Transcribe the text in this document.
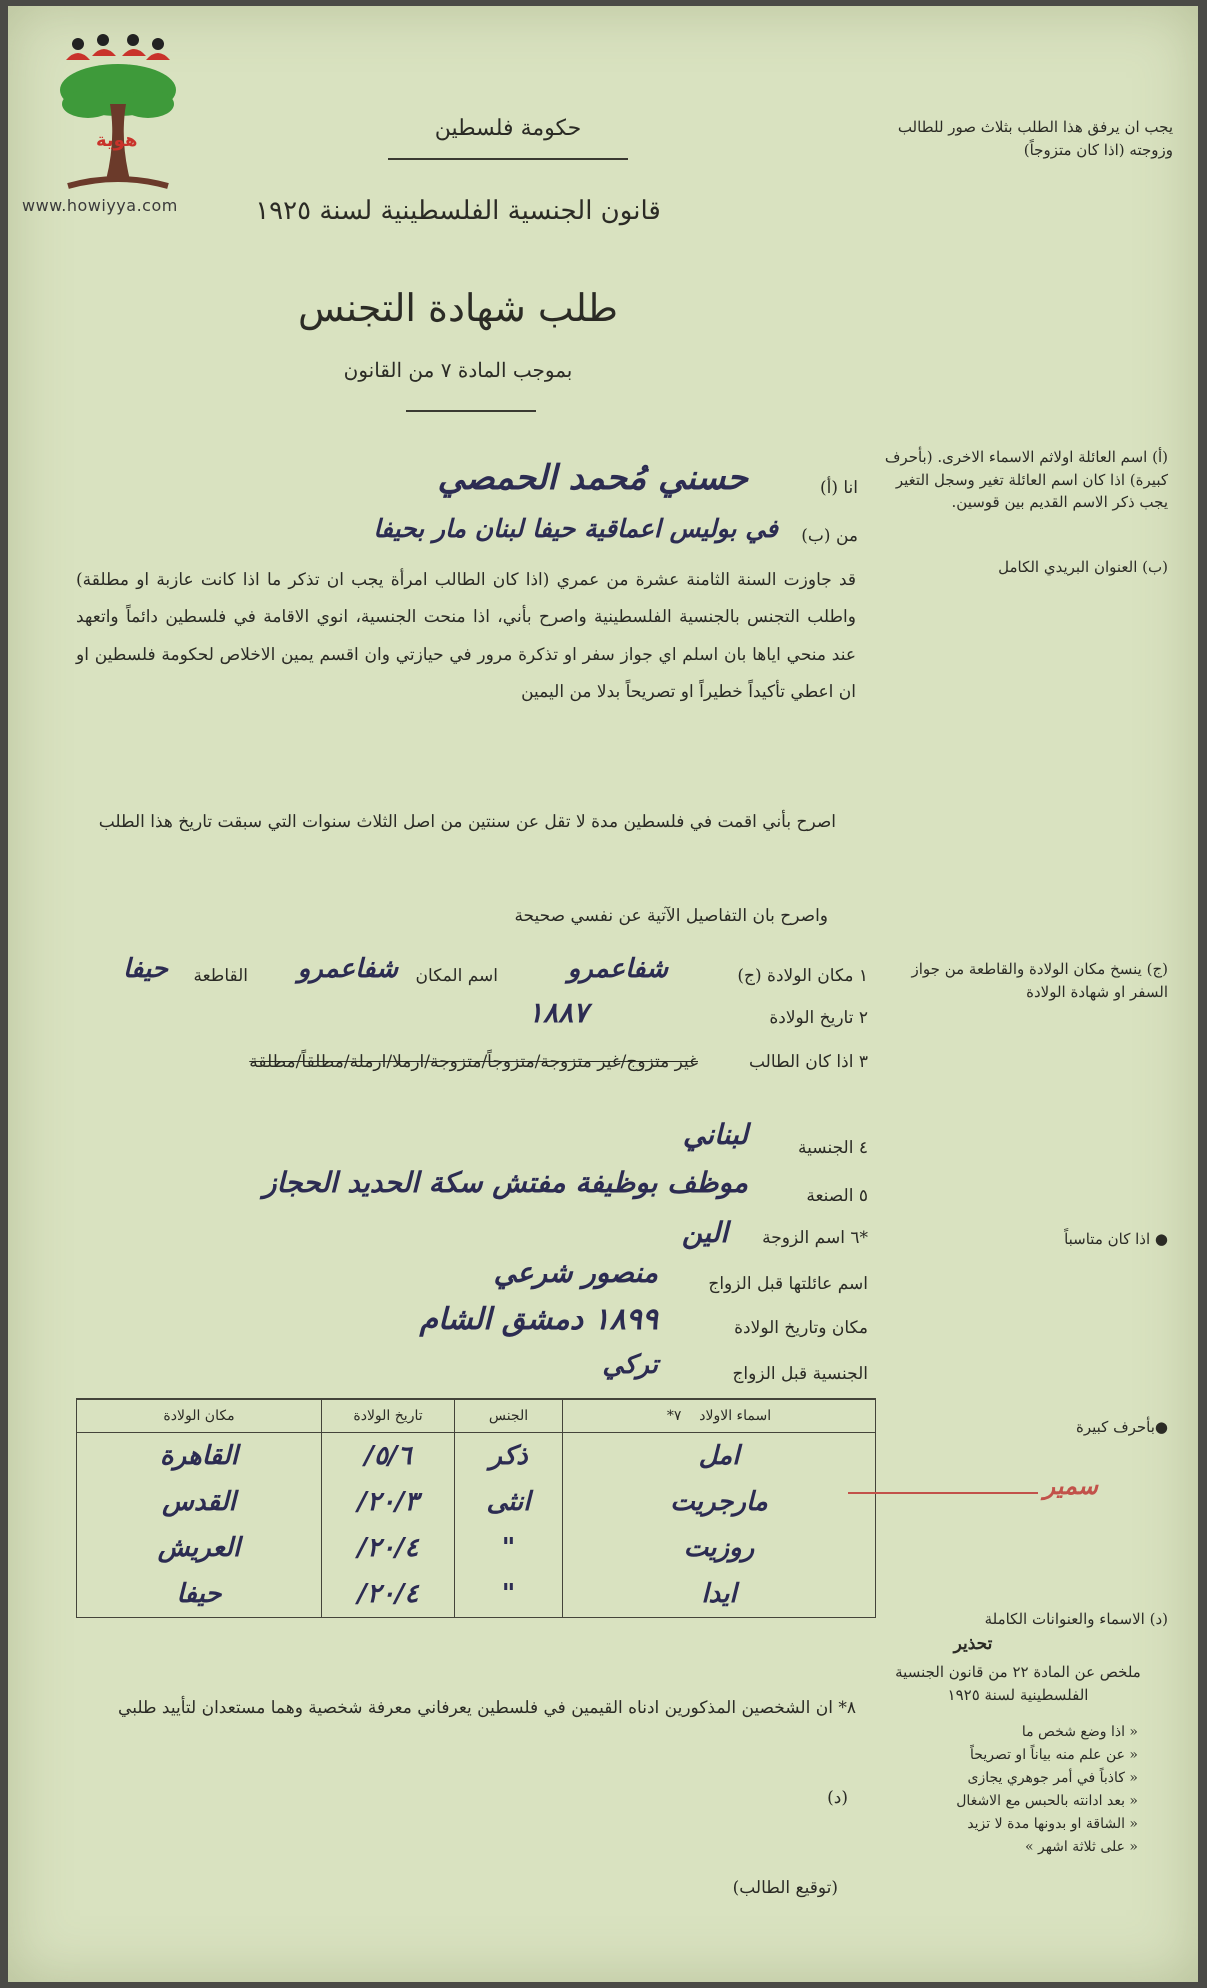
هوية
www.howiyya.com
حكومة فلسطين
قانون الجنسية الفلسطينية لسنة ١٩٢٥
طلب شهادة التجنس
بموجب المادة ٧ من القانون
يجب ان يرفق هذا الطلب بثلاث صور للطالب وزوجته (اذا كان متزوجاً)
(أ) اسم العائلة اولاثم الاسماء الاخرى. (بأحرف كبيرة) اذا كان اسم العائلة تغير وسجل التغير يجب ذكر الاسم القديم بين قوسين.
(ب) العنوان البريدي الكامل
(ج) ينسخ مكان الولادة والقاطعة من جواز السفر او شهادة الولادة
● اذا كان متاسباً
●بأحرف كبيرة
(د) الاسماء والعنوانات الكاملة
تحذير
ملخص عن المادة ٢٢ من قانون الجنسية الفلسطينية لسنة ١٩٢٥
« اذا وضع شخص ما
« عن علم منه بياناً او تصريحاً
« كاذباً في أمر جوهري يجازى
« بعد ادانته بالحبس مع الاشغال
« الشاقة او بدونها مدة لا تزيد
« على ثلاثة اشهر »
انا (أ)
حسني مُحمد الحمصي
من (ب)
في بوليس اعماقية حيفا لبنان مار بحيفا
قد جاوزت السنة الثامنة عشرة من عمري (اذا كان الطالب امرأة يجب ان تذكر ما اذا كانت عازبة او مطلقة) واطلب التجنس بالجنسية الفلسطينية واصرح بأني، اذا منحت الجنسية، انوي الاقامة في فلسطين دائماً واتعهد عند منحي اياها بان اسلم اي جواز سفر او تذكرة مرور في حيازتي وان اقسم يمين الاخلاص لحكومة فلسطين او ان اعطي تأكيداً خطيراً او تصريحاً بدلا من اليمين
اصرح بأني اقمت في فلسطين مدة لا تقل عن سنتين من اصل الثلاث سنوات التي سبقت تاريخ هذا الطلب
واصرح بان التفاصيل الآتية عن نفسي صحيحة
١ مكان الولادة (ج)
شفاعمرو
اسم المكان
شفاعمرو
القاطعة
حيفا
٢ تاريخ الولادة
١٨٨٧
٣ اذا كان الطالب
غير متزوج/غير متزوجة/متزوجاً/متزوجة/ارملا/ارملة/مطلقاً/مطلقة
٤ الجنسية
لبناني
٥ الصنعة
موظف بوظيفة مفتش سكة الحديد الحجاز
*٦ اسم الزوجة
الين
اسم عائلتها قبل الزواج
منصور شرعي
مكان وتاريخ الولادة
١٨٩٩ دمشق الشام
الجنسية قبل الزواج
تركي
اسماء الاولاد    ٧*	الجنس	تاريخ الولادة	مكان الولادة
امل	ذكر	٥/٦/	القاهرة
مارجريت	انثى	٢٠/٣/	القدس
روزيت	"	٢٠/٤/	العريش
ايدا	"	٢٠/٤/	حيفا
سمير
٨* ان الشخصين المذكورين ادناه القيمين في فلسطين يعرفاني معرفة شخصية وهما مستعدان لتأييد طلبي
(د)
(توقيع الطالب)
